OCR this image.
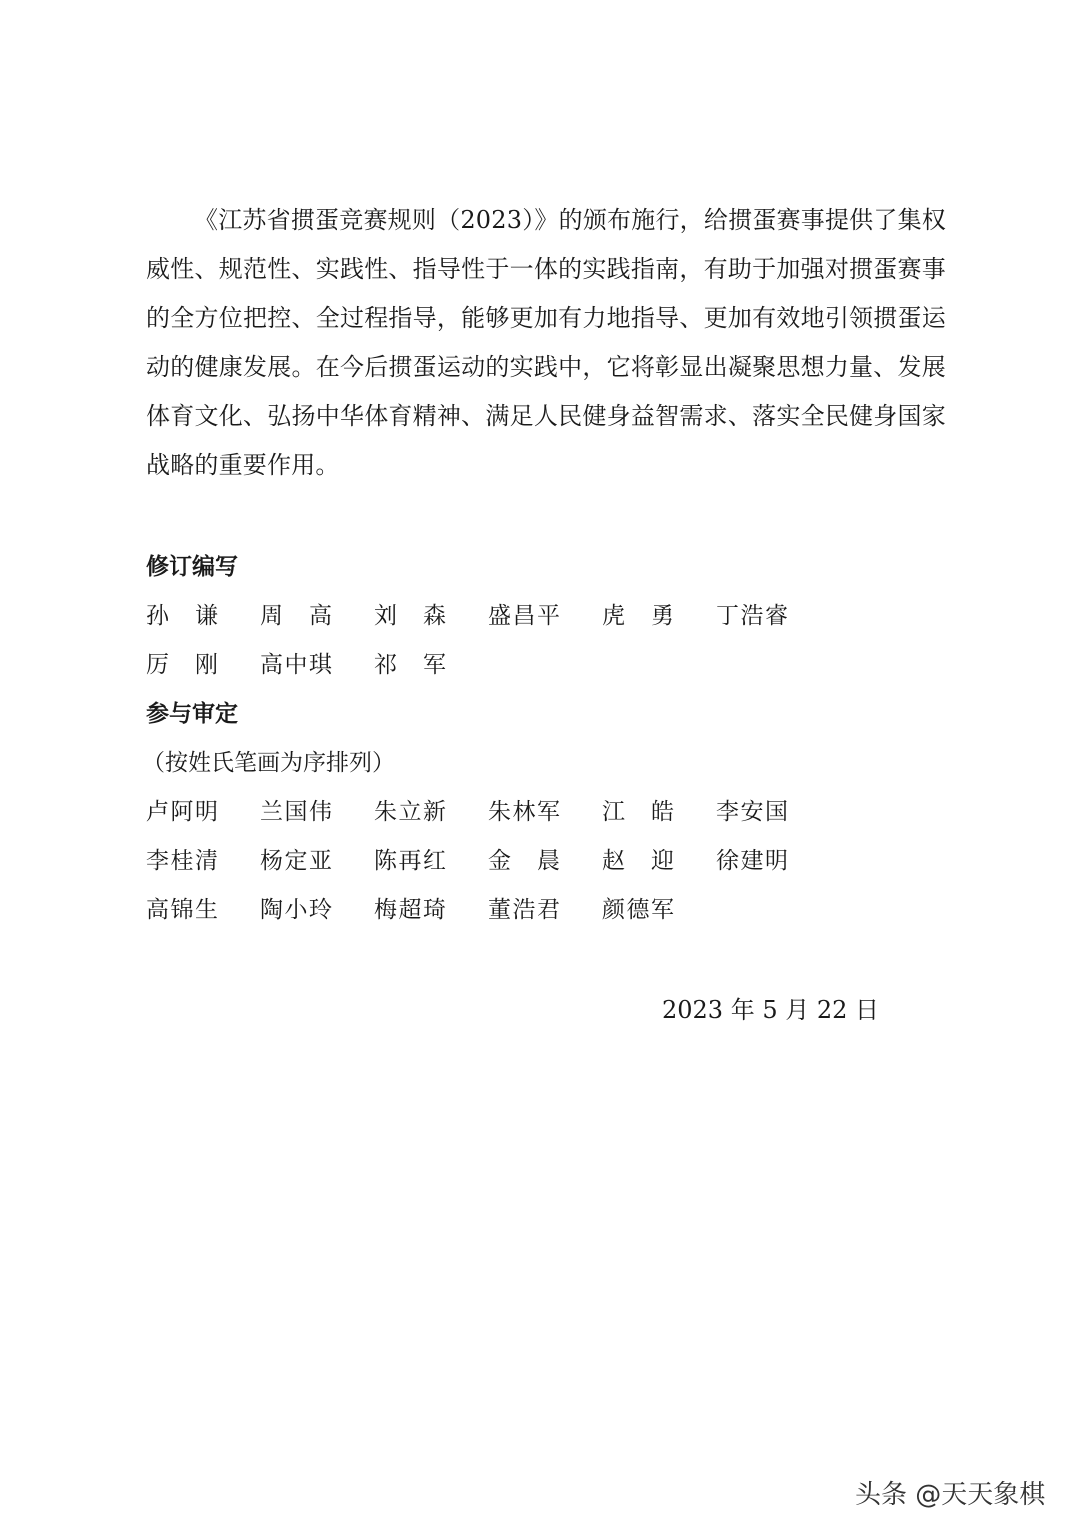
《江苏省掼蛋竞赛规则（2023）》的颁布施行，给掼蛋赛事提供了集权威性、规范性、实践性、指导性于一体的实践指南，有助于加强对掼蛋赛事的全方位把控、全过程指导，能够更加有力地指导、更加有效地引领掼蛋运动的健康发展。在今后掼蛋运动的实践中，它将彰显出凝聚思想力量、发展体育文化、弘扬中华体育精神、满足人民健身益智需求、落实全民健身国家战略的重要作用。

修订编写
孙谦 周高 刘森 盛昌平 虎勇 丁浩睿
厉刚 高中琪 祁军
参与审定
（按姓氏笔画为序排列）
卢阿明 兰国伟 朱立新 朱林军 江皓 李安国
李桂清 杨定亚 陈再红 金晨 赵迎 徐建明
高锦生 陶小玲 梅超琦 董浩君 颜德军
2023 年 5 月 22 日
头条 @天天象棋
